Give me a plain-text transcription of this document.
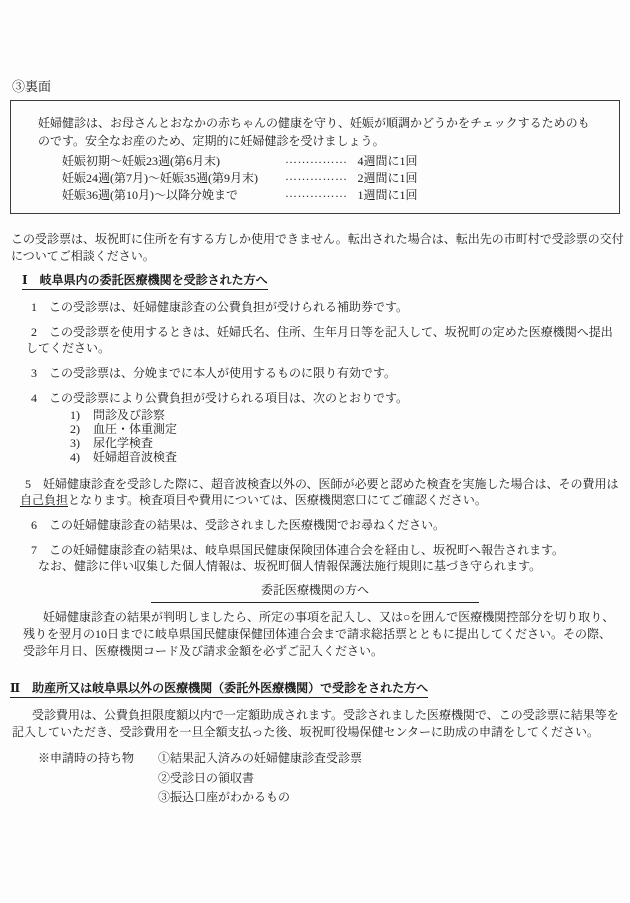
③裏面
妊婦健診は、お母さんとおなかの赤ちゃんの健康を守り、妊娠が順調かどうかをチェックするためのものです。安全なお産のため、定期的に妊婦健診を受けましょう。
妊娠初期～妊娠23週(第6月末)	…………… 4週間に1回
妊娠24週(第7月)～妊娠35週(第9月末)	…………… 2週間に1回
妊娠36週(第10月)～以降分娩まで	…………… 1週間に1回
この受診票は、坂祝町に住所を有する方しか使用できません。転出された場合は、転出先の市町村で受診票の交付についてご相談ください。
Ⅰ 岐阜県内の委託医療機関を受診された方へ
1 この受診票は、妊婦健康診査の公費負担が受けられる補助券です。
2 この受診票を使用するときは、妊婦氏名、住所、生年月日等を記入して、坂祝町の定めた医療機関へ提出してください。
3 この受診票は、分娩までに本人が使用するものに限り有効です。
4 この受診票により公費負担が受けられる項目は、次のとおりです。
1) 問診及び診察
2) 血圧・体重測定
3) 尿化学検査
4) 妊婦超音波検査
5 妊婦健康診査を受診した際に、超音波検査以外の、医師が必要と認めた検査を実施した場合は、その費用は自己負担となります。検査項目や費用については、医療機関窓口にてご確認ください。
6 この妊婦健康診査の結果は、受診されました医療機関でお尋ねください。
7 この妊婦健康診査の結果は、岐阜県国民健康保険団体連合会を経由し、坂祝町へ報告されます。
なお、健診に伴い収集した個人情報は、坂祝町個人情報保護法施行規則に基づき守られます。
委託医療機関の方へ
妊婦健康診査の結果が判明しましたら、所定の事項を記入し、又は○を囲んで医療機関控部分を切り取り、残りを翌月の10日までに岐阜県国民健康保健団体連合会まで請求総括票とともに提出してください。その際、受診年月日、医療機関コード及び請求金額を必ずご記入ください。
Ⅱ 助産所又は岐阜県以外の医療機関（委託外医療機関）で受診をされた方へ
受診費用は、公費負担限度額以内で一定額助成されます。受診されました医療機関で、この受診票に結果等を記入していただき、受診費用を一旦全額支払った後、坂祝町役場保健センターに助成の申請をしてください。
※申請時の持ち物	①結果記入済みの妊婦健康診査受診票
②受診日の領収書
③振込口座がわかるもの
